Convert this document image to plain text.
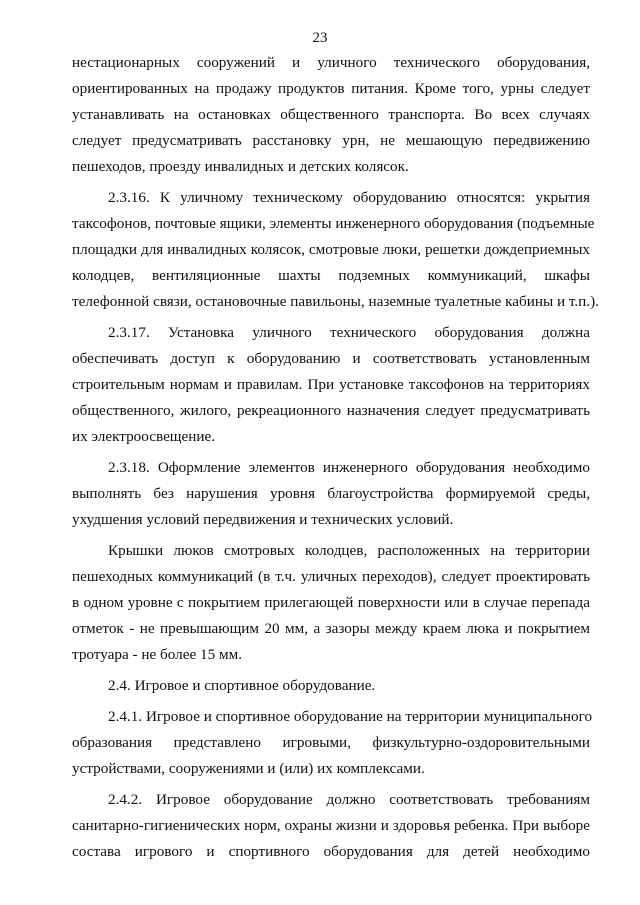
23

нестационарных сооружений и уличного технического оборудования,
ориентированных на продажу продуктов питания. Кроме того, урны следует
устанавливать на остановках общественного транспорта. Во всех случаях
следует предусматривать расстановку урн, не мешающую передвижению
пешеходов, проезду инвалидных и детских колясок.

2.3.16. К уличному техническому оборудованию относятся: укрытия
таксофонов, почтовые ящики, элементы инженерного оборудования (подъемные
площадки для инвалидных колясок, смотровые люки, решетки дождеприемных
колодцев, вентиляционные шахты подземных коммуникаций, шкафы
телефонной связи, остановочные павильоны, наземные туалетные кабины и т.п.).

2.3.17. Установка уличного технического оборудования должна
обеспечивать доступ к оборудованию и соответствовать установленным
строительным нормам и правилам. При установке таксофонов на территориях
общественного, жилого, рекреационного назначения следует предусматривать
их электроосвещение.

2.3.18. Оформление элементов инженерного оборудования необходимо
выполнять без нарушения уровня благоустройства формируемой среды,
ухудшения условий передвижения и технических условий.

Крышки люков смотровых колодцев, расположенных на территории
пешеходных коммуникаций (в т.ч. уличных переходов), следует проектировать
в одном уровне с покрытием прилегающей поверхности или в случае перепада
отметок - не превышающим 20 мм, а зазоры между краем люка и покрытием
тротуара - не более 15 мм.

2.4. Игровое и спортивное оборудование.

2.4.1. Игровое и спортивное оборудование на территории муниципального
образования представлено игровыми, физкультурно-оздоровительными
устройствами, сооружениями и (или) их комплексами.

2.4.2. Игровое оборудование должно соответствовать требованиям
санитарно-гигиенических норм, охраны жизни и здоровья ребенка. При выборе
состава игрового и спортивного оборудования для детей необходимо
